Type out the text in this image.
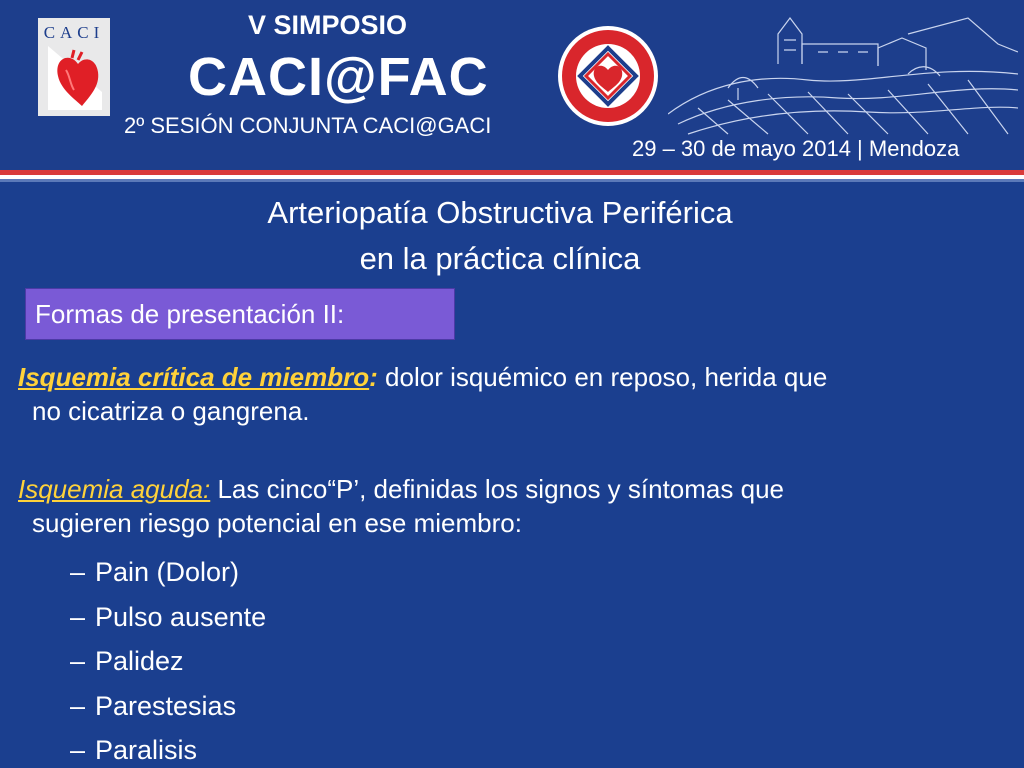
CACI	V SIMPOSIO
CACI@FAC
2º SESIÓN CONJUNTA CACI@GACI
29 – 30 de mayo 2014 | Mendoza
Arteriopatía Obstructiva Periférica
en la práctica clínica
Formas de presentación II:
Isquemia crítica de miembro: dolor isquémico en reposo, herida que
no cicatriza o gangrena.
Isquemia aguda: Las cinco“P’, definidas los signos y síntomas que
sugieren riesgo potencial en ese miembro:
– Pain (Dolor)
– Pulso ausente
– Palidez
– Parestesias
– Paralisis
